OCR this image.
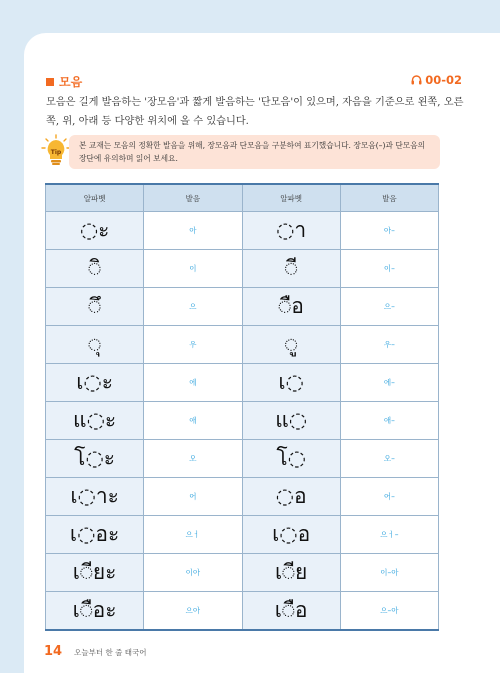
모음	00-02
모음은 길게 발음하는 '장모음'과 짧게 발음하는 '단모음'이 있으며, 자음을 기준으로 왼쪽, 오른쪽, 위, 아래 등 다양한 위치에 올 수 있습니다.
Tip
본 교재는 모음의 정확한 발음을 위해, 장모음과 단모음을 구분하여 표기했습니다. 장모음(–)과 단모음의 장단에 유의하며 읽어 보세요.
알파벳	발음	알파벳	발음
◌ะ	아	◌า	아–
◌ิ	이	◌ี	이–
◌ึ	으	◌ือ	으–
◌ุ	우	◌ู	우–
เ◌ะ	에	เ◌	에–
แ◌ะ	애	แ◌	애–
โ◌ะ	오	โ◌	오–
เ◌าะ	어	◌อ	어–
เ◌อะ	으ㅓ	เ◌อ	으ㅓ–
เ◌ียะ	이아	เ◌ีย	이–아
เ◌ือะ	으아	เ◌ือ	으–아
14 오늘부터 한 줄 태국어
